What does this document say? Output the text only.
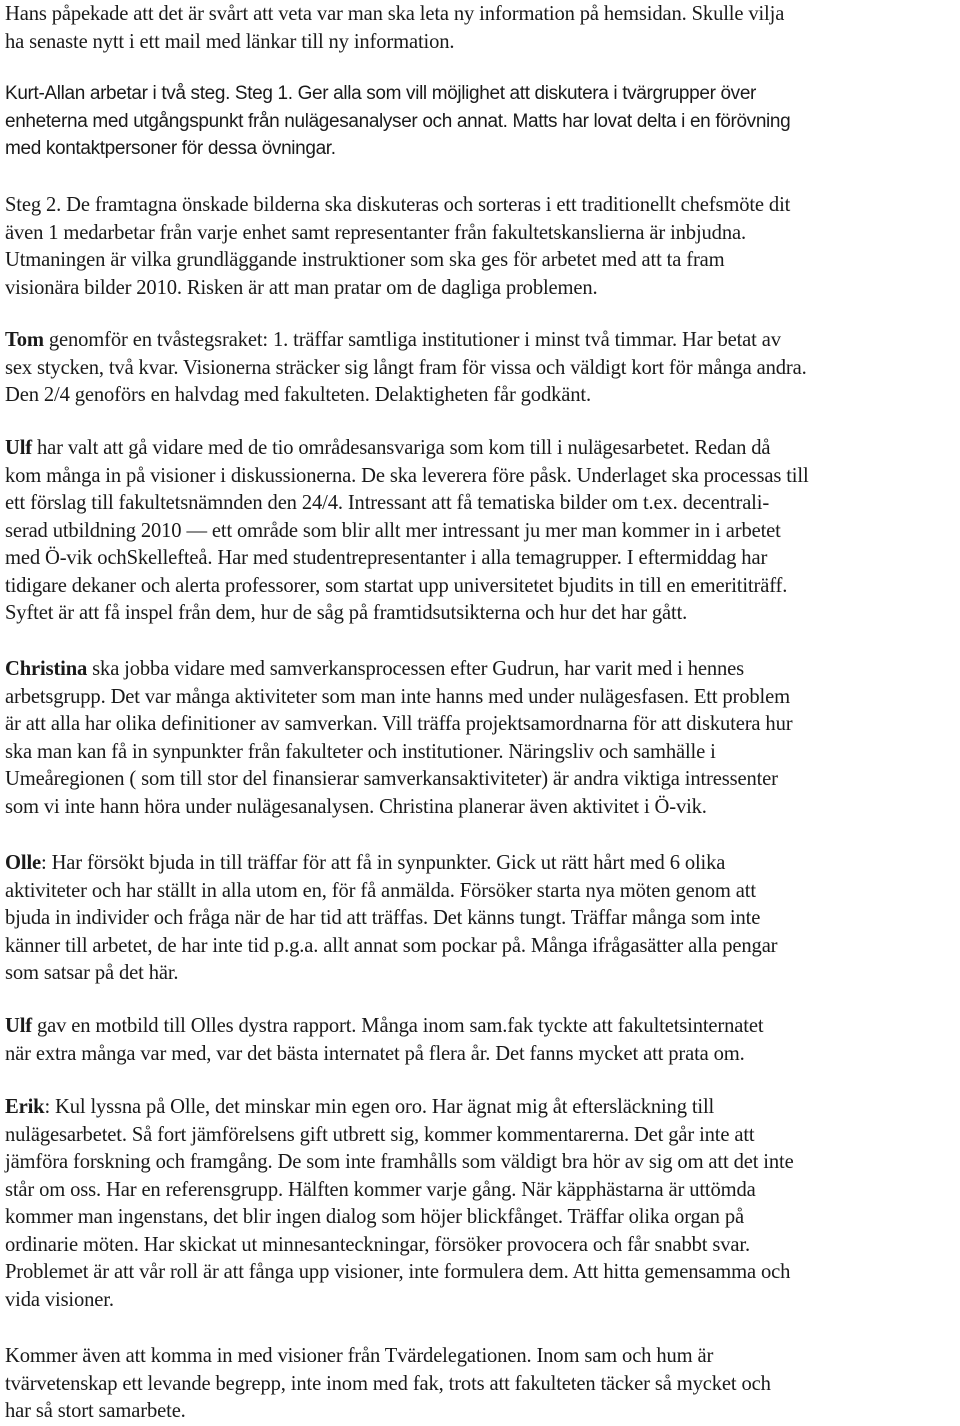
Hans påpekade att det är svårt att veta var man ska leta ny information på hemsidan. Skulle vilja
ha senaste nytt i ett mail med länkar till ny information.

Kurt-Allan arbetar i två steg. Steg 1. Ger alla som vill möjlighet att diskutera i tvärgrupper över
enheterna med utgångspunkt från nulägesanalyser och annat. Matts har lovat delta i en förövning
med kontaktpersoner för dessa övningar.

Steg 2. De framtagna önskade bilderna ska diskuteras och sorteras i ett traditionellt chefsmöte dit
även 1 medarbetar från varje enhet samt representanter från fakultetskanslierna är inbjudna.
Utmaningen är vilka grundläggande instruktioner som ska ges för arbetet med att ta fram
visionära bilder 2010. Risken är att man pratar om de dagliga problemen.

Tom genomför en tvåstegsraket: 1. träffar samtliga institutioner i minst två timmar. Har betat av
sex stycken, två kvar. Visionerna sträcker sig långt fram för vissa och väldigt kort för många andra.
Den 2/4 genoförs en halvdag med fakulteten. Delaktigheten får godkänt.

Ulf har valt att gå vidare med de tio områdesansvariga som kom till i nulägesarbetet. Redan då
kom många in på visioner i diskussionerna. De ska leverera före påsk. Underlaget ska processas till
ett förslag till fakultetsnämnden den 24/4. Intressant att få tematiska bilder om t.ex. decentrali-
serad utbildning 2010 — ett område som blir allt mer intressant ju mer man kommer in i arbetet
med Ö-vik ochSkellefteå. Har med studentrepresentanter i alla temagrupper. I eftermiddag har
tidigare dekaner och alerta professorer, som startat upp universitetet bjudits in till en emerititräff.
Syftet är att få inspel från dem, hur de såg på framtidsutsikterna och hur det har gått.

Christina ska jobba vidare med samverkansprocessen efter Gudrun, har varit med i hennes
arbetsgrupp. Det var många aktiviteter som man inte hanns med under nulägesfasen. Ett problem
är att alla har olika definitioner av samverkan. Vill träffa projektsamordnarna för att diskutera hur
ska man kan få in synpunkter från fakulteter och institutioner. Näringsliv och samhälle i
Umeåregionen ( som till stor del finansierar samverkansaktiviteter) är andra viktiga intressenter
som vi inte hann höra under nulägesanalysen. Christina planerar även aktivitet i Ö-vik.

Olle: Har försökt bjuda in till träffar för att få in synpunkter. Gick ut rätt hårt med 6 olika
aktiviteter och har ställt in alla utom en, för få anmälda. Försöker starta nya möten genom att
bjuda in individer och fråga när de har tid att träffas. Det känns tungt. Träffar många som inte
känner till arbetet, de har inte tid p.g.a. allt annat som pockar på. Många ifrågasätter alla pengar
som satsar på det här.

Ulf gav en motbild till Olles dystra rapport. Många inom sam.fak tyckte att fakultetsinternatet
när extra många var med, var det bästa internatet på flera år. Det fanns mycket att prata om.

Erik: Kul lyssna på Olle, det minskar min egen oro. Har ägnat mig åt eftersläckning till
nulägesarbetet. Så fort jämförelsens gift utbrett sig, kommer kommentarerna. Det går inte att
jämföra forskning och framgång. De som inte framhålls som väldigt bra hör av sig om att det inte
står om oss. Har en referensgrupp. Hälften kommer varje gång. När käpphästarna är uttömda
kommer man ingenstans, det blir ingen dialog som höjer blickfånget. Träffar olika organ på
ordinarie möten. Har skickat ut minnesanteckningar, försöker provocera och får snabbt svar.
Problemet är att vår roll är att fånga upp visioner, inte formulera dem. Att hitta gemensamma och
vida visioner.

Kommer även att komma in med visioner från Tvärdelegationen. Inom sam och hum är
tvärvetenskap ett levande begrepp, inte inom med fak, trots att fakulteten täcker så mycket och
har så stort samarbete.
